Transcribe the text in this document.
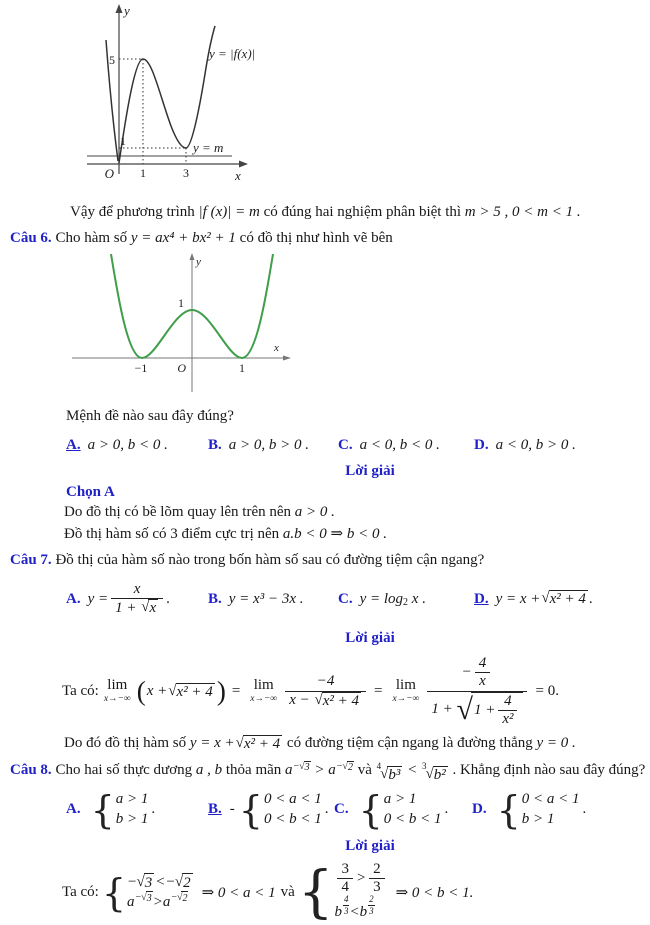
y
x
O 1	3
5
1
y = |f(x)|
y = m

Vậy để phương trình |f (x)| = m có đúng hai nghiệm phân biệt thì m > 5 , 0 < m < 1 .

Câu 6. Cho hàm số y = ax⁴ + bx² + 1 có đồ thị như hình vẽ bên

y
x
O
−1	1
1

Mệnh đề nào sau đây đúng?

A. a > 0, b < 0 .	B. a > 0, b > 0 . C. a < 0, b < 0 . D. a < 0, b > 0 .

Lời giải

Chọn A

Do đồ thị có bề lõm quay lên trên nên a > 0 .

Đồ thị hàm số có 3 điểm cực trị nên a.b < 0 ⇒ b < 0 .

Câu 7. Đồ thị của hàm số nào trong bốn hàm số sau có đường tiệm cận ngang?

A. y = x
1 +
√ x .	B. y = x³ − 3x . C. y = log 2
x .	D. y = x + √ x² + 4 .

Lời giải

Ta có: lim
x→−∞ ( x + √ x² + 4 ) = lim
x→−∞ −4
x −
√ x² + 4 = lim
$x\to-\infty - \frac{4}{x}$
1 +
√ $1 + \frac{4}{\text{x²}} = 0$.

Do đó đồ thị hàm số y = x + √ x² + 4 có đường tiệm cận ngang là đường thẳng y = 0 .

Câu 8. Cho hai số thực dương a , b thỏa mãn a −√ 3 > a −√ 2 và 4 √ b³ < 3 √ b² . Khẳng định nào sau đây đúng?

A. { a > 1
b > 1
.	B. - { 0 < a < 1
0 < b < 1
. C. { a > 1
0 < b < 1
. D. { 0 < a < 1
b > 1
.

Lời giải

Ta có: { −√ 3 < −√ 2
a −√ 3 > a −√ 2 ⇒ 0 < a < 1 và { $\frac{3}{4} > \frac{2}{3}$
b $\frac{4}{3} < b \frac{2}{3}$
⇒ 0 < b < 1.
